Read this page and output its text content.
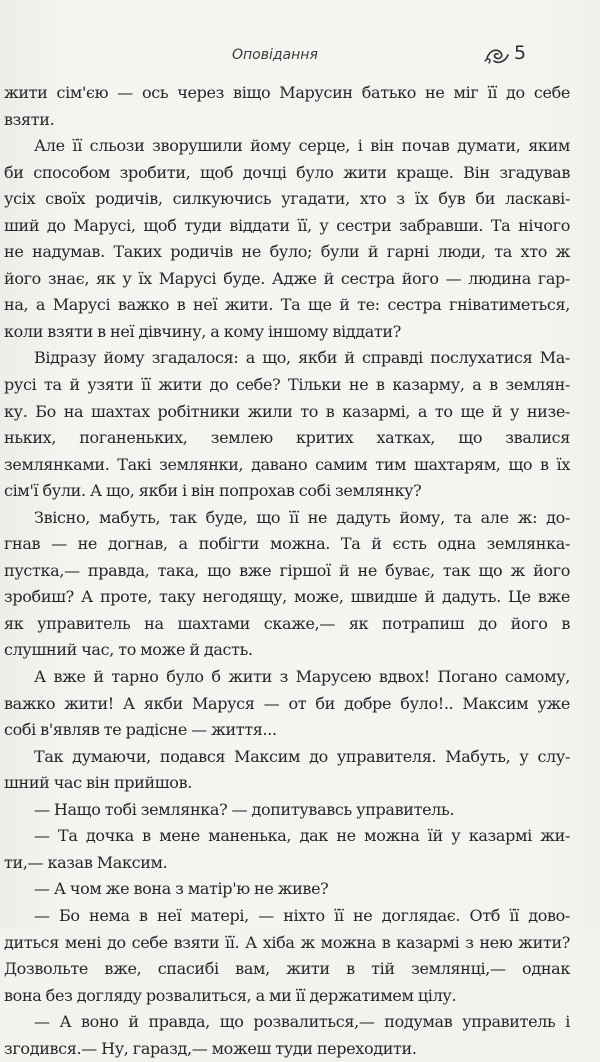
Оповідання	5
жити сім'єю — ось через віщо Марусин батько не міг її до себе
взяти.
Але її сльози зворушили йому серце, і він почав думати, яким
би способом зробити, щоб дочці було жити краще. Він згадував
усіх своїх родичів, силкуючись угадати, хто з їх був би ласкаві-
ший до Марусі, щоб туди віддати її, у сестри забравши. Та нічого
не надумав. Таких родичів не було; були й гарні люди, та хто ж
його знає, як у їх Марусі буде. Адже й сестра його — людина гар-
на, а Марусі важко в неї жити. Та ще й те: сестра гніватиметься,
коли взяти в неї дівчину, а кому іншому віддати?
Відразу йому згадалося: а що, якби й справді послухатися Ма-
русі та й узяти її жити до себе? Тільки не в казарму, а в землян-
ку. Бо на шахтах робітники жили то в казармі, а то ще й у низе-
ньких, поганеньких, землею критих хатках, що звалися
землянками. Такі землянки, давано самим тим шахтарям, що в їх
сім'ї були. А що, якби і він попрохав собі землянку?
Звісно, мабуть, так буде, що її не дадуть йому, та але ж: до-
гнав — не догнав, а побігти можна. Та й єсть одна землянка-
пустка,— правда, така, що вже гіршої й не буває, так що ж його
зробиш? А проте, таку негодящу, може, швидше й дадуть. Це вже
як управитель на шахтами скаже,— як потрапиш до його в
слушний час, то може й дасть.
А вже й тарно було б жити з Марусею вдвох! Погано самому,
важко жити! А якби Маруся — от би добре було!.. Максим уже
собі в'являв те радісне — життя...
Так думаючи, подався Максим до управителя. Мабуть, у слу-
шний час він прийшов.
— Нащо тобі землянка? — допитувавсь управитель.
— Та дочка в мене маненька, дак не можна їй у казармі жи-
ти,— казав Максим.
— А чом же вона з матір'ю не живе?
— Бо нема в неї матері, — ніхто її не доглядає. Отб її дово-
диться мені до себе взяти її. А хіба ж можна в казармі з нею жити?
Дозвольте вже, спасибі вам, жити в тій землянці,— однак
вона без догляду розвалиться, а ми її держатимем цілу.
— А воно й правда, що розвалиться,— подумав управитель і
згодився.— Ну, гаразд,— можеш туди переходити.
